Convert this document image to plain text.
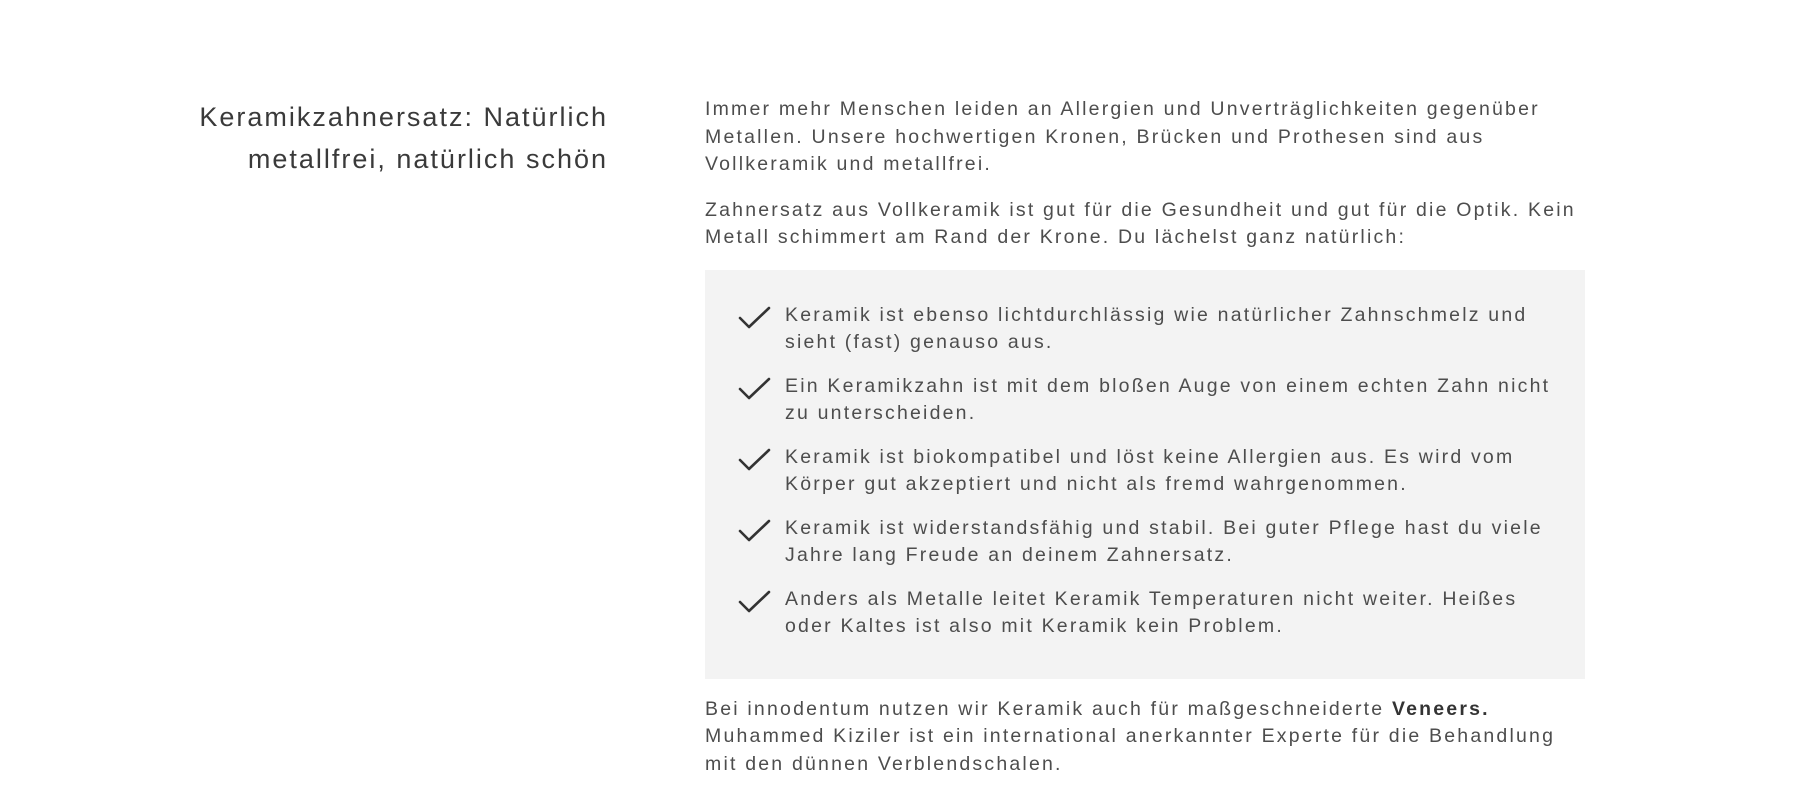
Keramikzahnersatz: Natürlich
metallfrei, natürlich schön

Immer mehr Menschen leiden an Allergien und Unverträglichkeiten gegenüber Metallen. Unsere hochwertigen Kronen, Brücken und Prothesen sind aus Vollkeramik und metallfrei.

Zahnersatz aus Vollkeramik ist gut für die Gesundheit und gut für die Optik. Kein Metall schimmert am Rand der Krone. Du lächelst ganz natürlich:

Keramik ist ebenso lichtdurchlässig wie natürlicher Zahnschmelz und sieht (fast) genauso aus.
Ein Keramikzahn ist mit dem bloßen Auge von einem echten Zahn nicht zu unterscheiden.
Keramik ist biokompatibel und löst keine Allergien aus. Es wird vom Körper gut akzeptiert und nicht als fremd wahrgenommen.
Keramik ist widerstandsfähig und stabil. Bei guter Pflege hast du viele Jahre lang Freude an deinem Zahnersatz.
Anders als Metalle leitet Keramik Temperaturen nicht weiter. Heißes oder Kaltes ist also mit Keramik kein Problem.

Bei innodentum nutzen wir Keramik auch für maßgeschneiderte Veneers. Muhammed Kiziler ist ein international anerkannter Experte für die Behandlung mit den dünnen Verblendschalen.
